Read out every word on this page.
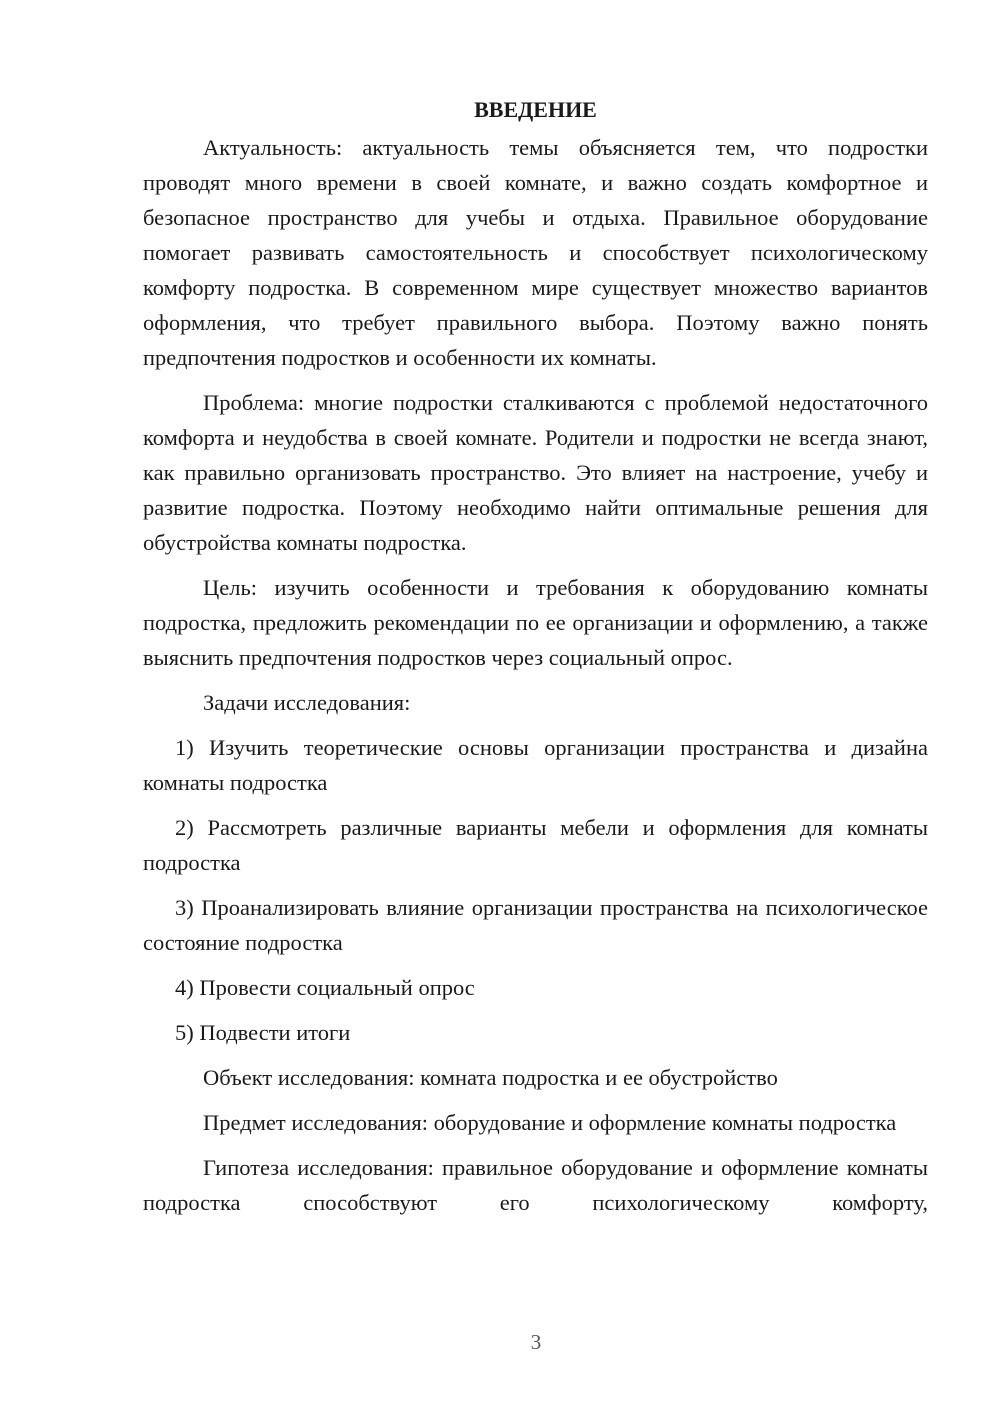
ВВЕДЕНИЕ

Актуальность: актуальность темы объясняется тем, что подростки проводят много времени в своей комнате, и важно создать комфортное и безопасное пространство для учебы и отдыха. Правильное оборудование помогает развивать самостоятельность и способствует психологическому комфорту подростка. В современном мире существует множество вариантов оформления, что требует правильного выбора. Поэтому важно понять предпочтения подростков и особенности их комнаты.

Проблема: многие подростки сталкиваются с проблемой недостаточного комфорта и неудобства в своей комнате. Родители и подростки не всегда знают, как правильно организовать пространство. Это влияет на настроение, учебу и развитие подростка. Поэтому необходимо найти оптимальные решения для обустройства комнаты подростка.

Цель: изучить особенности и требования к оборудованию комнаты подростка, предложить рекомендации по ее организации и оформлению, а также выяснить предпочтения подростков через социальный опрос.

Задачи исследования:

1) Изучить теоретические основы организации пространства и дизайна комнаты подростка

2) Рассмотреть различные варианты мебели и оформления для комнаты подростка

3) Проанализировать влияние организации пространства на психологическое состояние подростка

4) Провести социальный опрос

5) Подвести итоги

Объект исследования: комната подростка и ее обустройство

Предмет исследования: оборудование и оформление комнаты подростка

Гипотеза исследования: правильное оборудование и оформление комнаты подростка способствуют его психологическому комфорту,

3
